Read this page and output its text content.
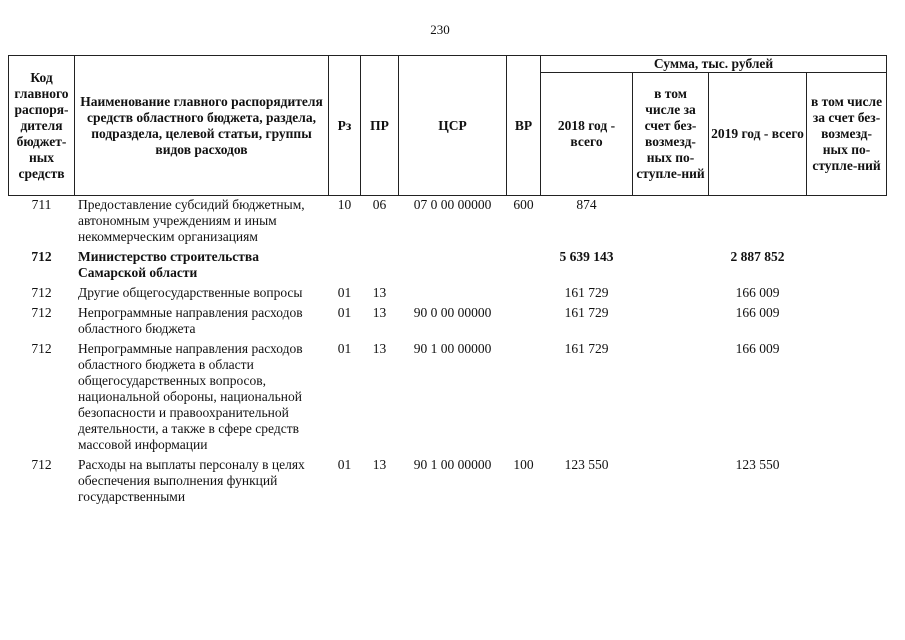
230
Код главного распоря-дителя бюджет-ных средств	Наименование главного распорядителя средств областного бюджета, раздела, подраздела, целевой статьи, группы видов расходов	Рз	ПР	ЦСР	ВР	Сумма, тыс. рублей			
						2018 год - всего	в том числе за счет без-возмезд-ных по-ступле-ний	2019 год - всего	в том числе за счет без-возмезд-ных по-ступле-ний
711	Предоставление субсидий бюджетным, автономным учреждениям и иным некоммерческим организациям	10	06	07 0 00 00000	600	874			
712	Министерство строительства Самарской области					5 639 143		2 887 852	
712	Другие общегосударственные вопросы	01	13			161 729		166 009	
712	Непрограммные направления расходов областного бюджета	01	13	90 0 00 00000		161 729		166 009	
712	Непрограммные направления расходов областного бюджета в области общегосударственных вопросов, национальной обороны, национальной безопасности и правоохранительной деятельности, а также в сфере средств массовой информации	01	13	90 1 00 00000		161 729		166 009	
712	Расходы на выплаты персоналу в целях обеспечения выполнения функций государственными	01	13	90 1 00 00000	100	123 550		123 550	
